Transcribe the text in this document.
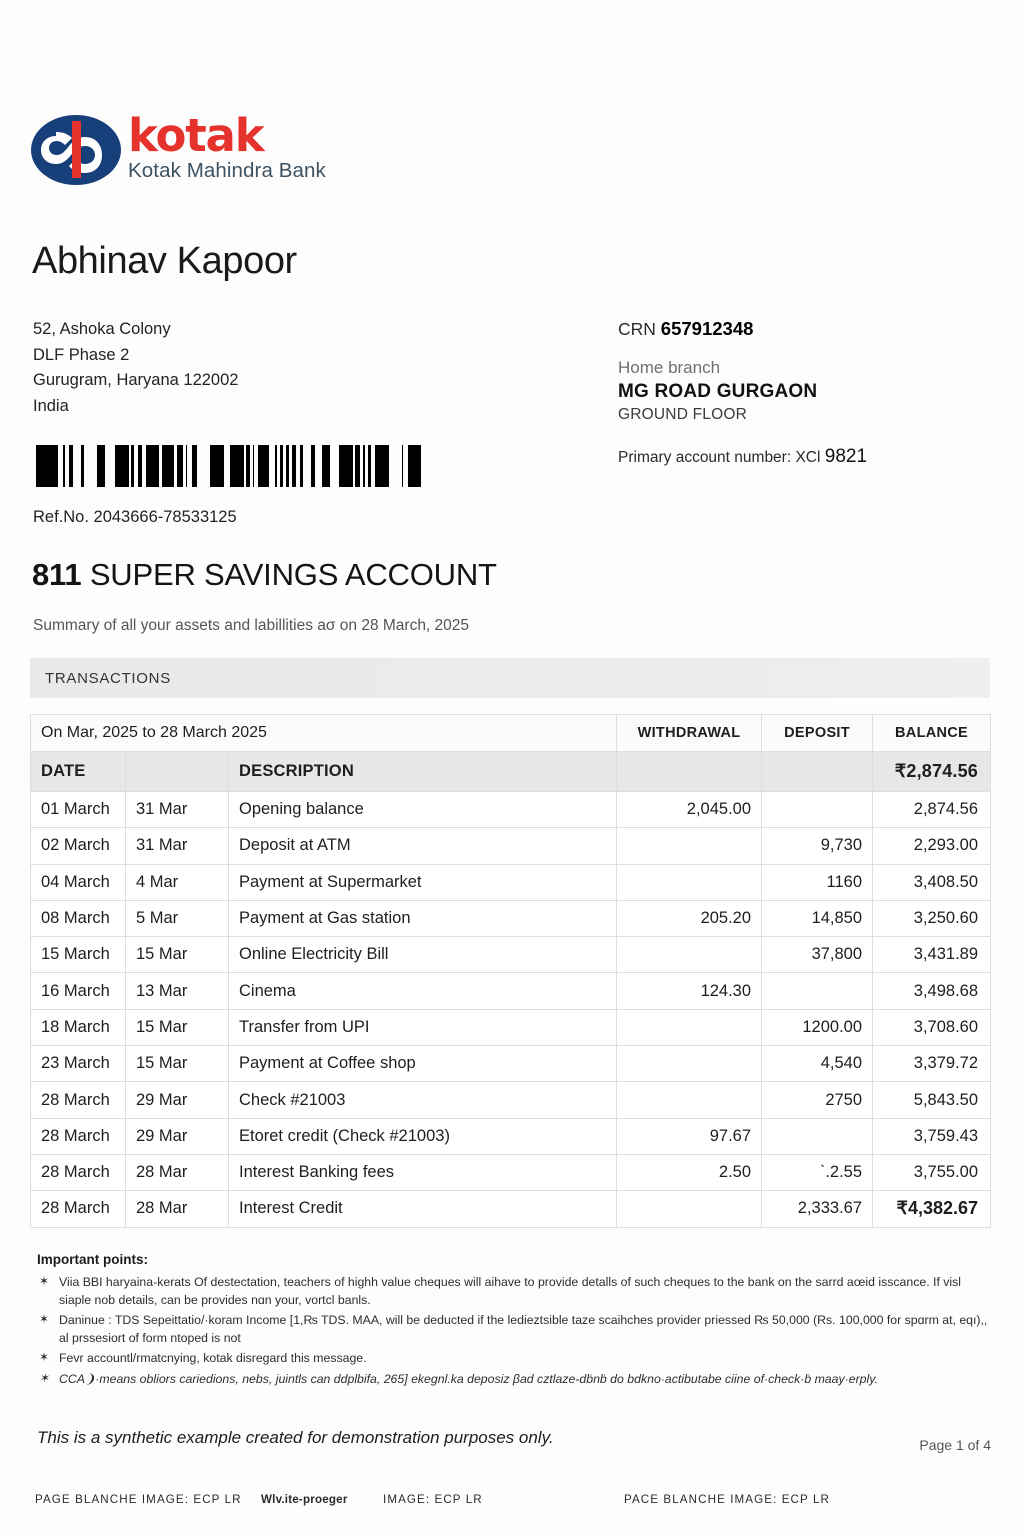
kotak
Kotak Mahindra Bank
Abhinav Kapoor
52, Ashoka Colony
DLF Phase 2
Gurugram, Haryana 122002
India
Ref.No. 2043666-78533125
CRN 657912348
Home branch
MG ROAD GURGAON
GROUND FLOOR
Primary account number: XCl 9821
811 SUPER SAVINGS ACCOUNT
Summary of all your assets and labillities aσ on 28 March, 2025
TRANSACTIONS
On Mar, 2025 to 28 March 2025			WITHDRAWAL	DEPOSIT	BALANCE
DATE		DESCRIPTION			₹2,874.56
01 March	31 Mar	Opening balance	2,045.00		2,874.56
02 March	31 Mar	Deposit at ATM		9,730	2,293.00
04 March	4 Mar	Payment at Supermarket		1160	3,408.50
08 March	5 Mar	Payment at Gas station	205.20	14,850	3,250.60
15 March	15 Mar	Online Electricity Bill		37,800	3,431.89
16 March	13 Mar	Cinema	124.30		3,498.68
18 March	15 Mar	Transfer from UPI		1200.00	3,708.60
23 March	15 Mar	Payment at Coffee shop		4,540	3,379.72
28 March	29 Mar	Check #21003		2750	5,843.50
28 March	29 Mar	Etoret credit (Check #21003)	97.67		3,759.43
28 March	28 Mar	Interest Banking fees	2.50	ˋ.2.55	3,755.00
28 March	28 Mar	Interest Credit		2,333.67	₹4,382.67
Important points:
✶ Viia BBI haryaina-kerats Of destectation, teachers of highh value cheques will aihave to provide detalls of such cheques to the bank on the sarrd aœid isscance. If visl siaple nob details, can be provides nɑn your, vortcl banls.
✶ Daninue : TDS Sepeittatio/·koram Income [1,₨ TDS. MAA, will be deducted if the ledieztsible taze scaihches provider priessed ₨ 50,000 (Rs. 100,000 for spɑrm at, eqı),, al prssesiort of form ntoped is not
✶ Fevr accountl/rmatcnying, kotak disregard this message.
✶ CCA❩·means obliors cariedions, nebs, juintls can ddplbifa, 265] ekegnl.ka deposiz βad cztlaze-dḃnḃ do bdkno·actibutabe ciine of·check·ḃ maay·erply.
This is a synthetic example created for demonstration purposes only.	Page 1 of 4
PAGE BLANCHE IMAGE: ECP LR Wlv.ite-proeger	IMAGE: ECP LR	PACE BLANCHE IMAGE: ECP LR
